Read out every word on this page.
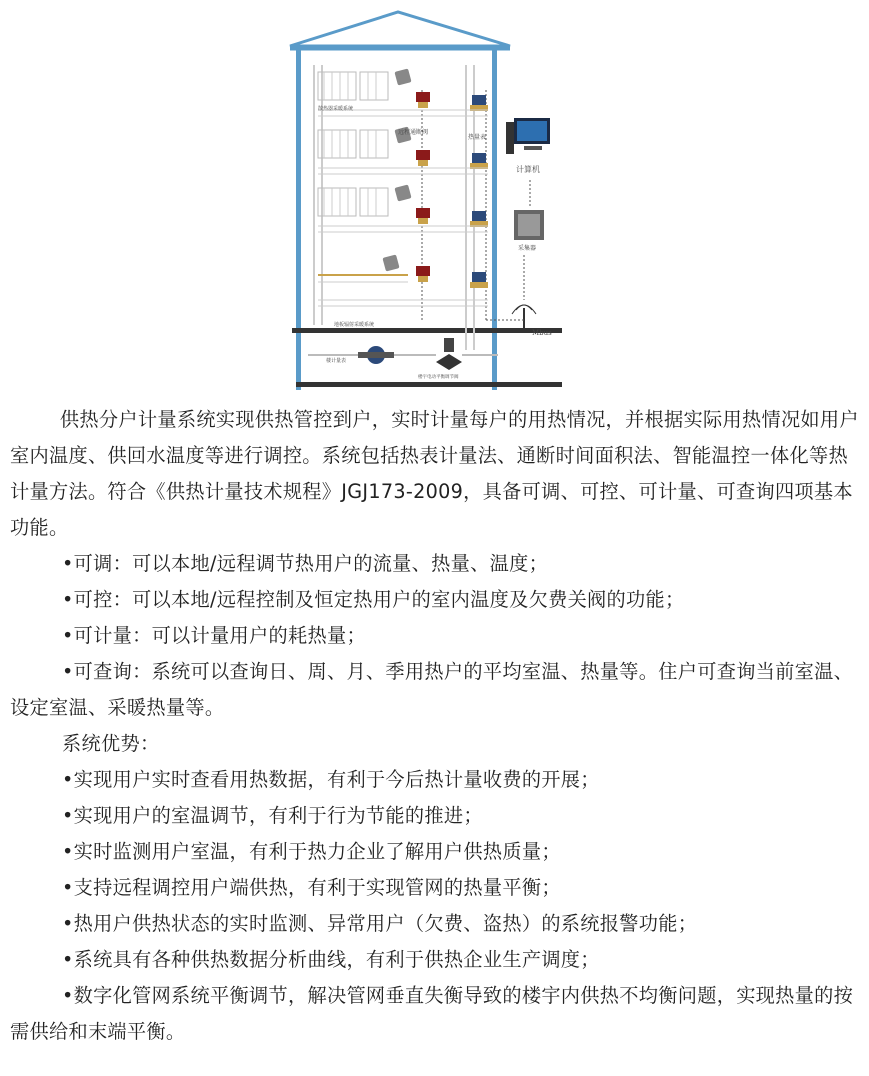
远程通断阀
热量表
散热器采暖系统
地板辐射采暖系统
计算机
采集器
Mbus
楼计量表
楼宇电动平衡调节阀

供热分户计量系统实现供热管控到户，实时计量每户的用热情况，并根据实际用热情况如用户室内温度、供回水温度等进行调控。系统包括热表计量法、通断时间面积法、智能温控一体化等热计量方法。符合《供热计量技术规程》JGJ173-2009，具备可调、可控、可计量、可查询四项基本功能。

•可调：可以本地/远程调节热用户的流量、热量、温度；

•可控：可以本地/远程控制及恒定热用户的室内温度及欠费关阀的功能；

•可计量：可以计量用户的耗热量；

•可查询：系统可以查询日、周、月、季用热户的平均室温、热量等。住户可查询当前室温、设定室温、采暖热量等。

系统优势：

•实现用户实时查看用热数据，有利于今后热计量收费的开展；

•实现用户的室温调节，有利于行为节能的推进；

•实时监测用户室温，有利于热力企业了解用户供热质量；

•支持远程调控用户端供热，有利于实现管网的热量平衡；

•热用户供热状态的实时监测、异常用户（欠费、盗热）的系统报警功能；

•系统具有各种供热数据分析曲线，有利于供热企业生产调度；

•数字化管网系统平衡调节，解决管网垂直失衡导致的楼宇内供热不均衡问题，实现热量的按需供给和末端平衡。
